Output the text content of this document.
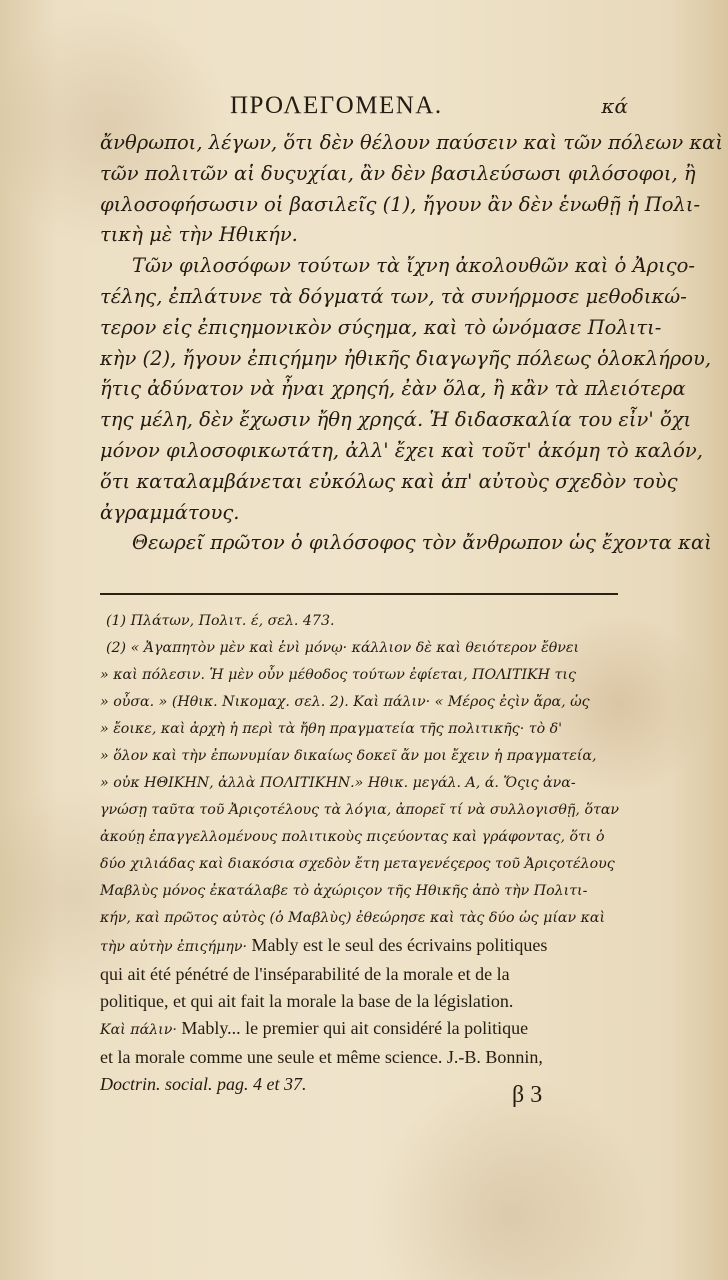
ΠΡΟΛΕΓΟΜΕΝΑ.	κά

ἄνθρωποι, λέγων, ὅτι δὲν θέλουν παύσειν καὶ τῶν πόλεων καὶ
τῶν πολιτῶν αἱ δυςυχίαι, ἂν δὲν βασιλεύσωσι φιλόσοφοι, ἢ
φιλοσοφήσωσιν οἱ βασιλεῖς (1), ἤγουν ἂν δὲν ἑνωθῇ ἡ Πολι-
τικὴ μὲ τὴν Ηθικήν.

Τῶν φιλοσόφων τούτων τὰ ἴχνη ἀκολουθῶν καὶ ὁ Ἀριςο-
τέλης, ἐπλάτυνε τὰ δόγματά των, τὰ συνήρμοσε μεθοδικώ-
τερον εἰς ἐπιςημονικὸν σύςημα, καὶ τὸ ὠνόμασε Πολιτι-
κὴν (2), ἤγουν ἐπιςήμην ἠθικῆς διαγωγῆς πόλεως ὁλοκλήρου,
ἥτις ἀδύνατον νὰ ἦναι χρηςή, ἐὰν ὅλα, ἢ κἂν τὰ πλειότερα
της μέλη, δὲν ἔχωσιν ἤθη χρηςά. Ἡ διδασκαλία του εἶν' ὄχι
μόνον φιλοσοφικωτάτη, ἀλλ' ἔχει καὶ τοῦτ' ἀκόμη τὸ καλόν,
ὅτι καταλαμβάνεται εὐκόλως καὶ ἀπ' αὐτοὺς σχεδὸν τοὺς
ἀγραμμάτους.

Θεωρεῖ πρῶτον ὁ φιλόσοφος τὸν ἄνθρωπον ὡς ἔχοντα καὶ

(1) Πλάτων, Πολιτ. έ, σελ. 473.
(2) « Ἀγαπητὸν μὲν καὶ ἑνὶ μόνῳ· κάλλιον δὲ καὶ θειότερον ἔθνει
» καὶ πόλεσιν. Ἡ μὲν οὖν μέθοδος τούτων ἐφίεται, ΠΟΛΙΤΙΚΗ τις
» οὖσα. » (Ηθικ. Νικομαχ. σελ. 2). Καὶ πάλιν· « Μέρος ἐςὶν ἄρα, ὡς
» ἔοικε, καὶ ἀρχὴ ἡ περὶ τὰ ἤθη πραγματεία τῆς πολιτικῆς· τὸ δ'
» ὅλον καὶ τὴν ἐπωνυμίαν δικαίως δοκεῖ ἄν μοι ἔχειν ἡ πραγματεία,
» οὐκ ΗΘΙΚΗΝ, ἀλλὰ ΠΟΛΙΤΙΚΗΝ.» Ηθικ. μεγάλ. Α, ά. Ὅςις ἀνα-
γνώσῃ ταῦτα τοῦ Ἀριςοτέλους τὰ λόγια, ἀπορεῖ τί νὰ συλλογισθῇ, ὅταν
ἀκούῃ ἐπαγγελλομένους πολιτικοὺς πιςεύοντας καὶ γράφοντας, ὅτι ὁ
δύο χιλιάδας καὶ διακόσια σχεδὸν ἔτη μεταγενέςερος τοῦ Ἀριςοτέλους
Μαβλὺς μόνος ἐκατάλαβε τὸ ἀχώριςον τῆς Ηθικῆς ἀπὸ τὴν Πολιτι-
κήν, καὶ πρῶτος αὐτὸς (ὁ Μαβλὺς) ἐθεώρησε καὶ τὰς δύο ὡς μίαν καὶ
τὴν αὐτὴν ἐπιςήμην· Mably est le seul des écrivains politiques
qui ait été pénétré de l'inséparabilité de la morale et de la
politique, et qui ait fait la morale la base de la législation.
Καὶ πάλιν· Mably... le premier qui ait considéré la politique
et la morale comme une seule et même science. J.-B. Bonnin,
Doctrin. social. pag. 4 et 37.	β 3
